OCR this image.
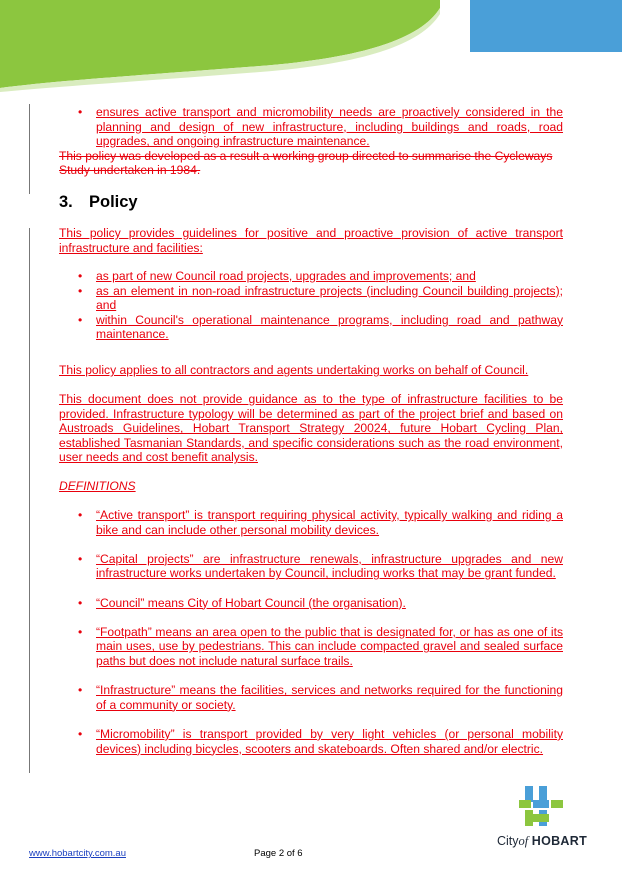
• ensures active transport and micromobility needs are proactively considered in the planning and design of new infrastructure, including buildings and roads, road upgrades, and ongoing infrastructure maintenance.
This policy was developed as a result a working group directed to summarise the Cycleways Study undertaken in 1984.
3. Policy
This policy provides guidelines for positive and proactive provision of active transport infrastructure and facilities:
• as part of new Council road projects, upgrades and improvements; and
• as an element in non-road infrastructure projects (including Council building projects); and
• within Council's operational maintenance programs, including road and pathway maintenance.
This policy applies to all contractors and agents undertaking works on behalf of Council.
This document does not provide guidance as to the type of infrastructure facilities to be provided. Infrastructure typology will be determined as part of the project brief and based on Austroads Guidelines, Hobart Transport Strategy 20024, future Hobart Cycling Plan, established Tasmanian Standards, and specific considerations such as the road environment, user needs and cost benefit analysis.
DEFINITIONS
• “Active transport” is transport requiring physical activity, typically walking and riding a bike and can include other personal mobility devices.
• “Capital projects” are infrastructure renewals, infrastructure upgrades and new infrastructure works undertaken by Council, including works that may be grant funded.
• “Council” means City of Hobart Council (the organisation).
• “Footpath” means an area open to the public that is designated for, or has as one of its main uses, use by pedestrians. This can include compacted gravel and sealed surface paths but does not include natural surface trails.
• “Infrastructure” means the facilities, services and networks required for the functioning of a community or society.
• “Micromobility” is transport provided by very light vehicles (or personal mobility devices) including bicycles, scooters and skateboards. Often shared and/or electric.
Cityof HOBART
www.hobartcity.com.au	Page 2 of 6
